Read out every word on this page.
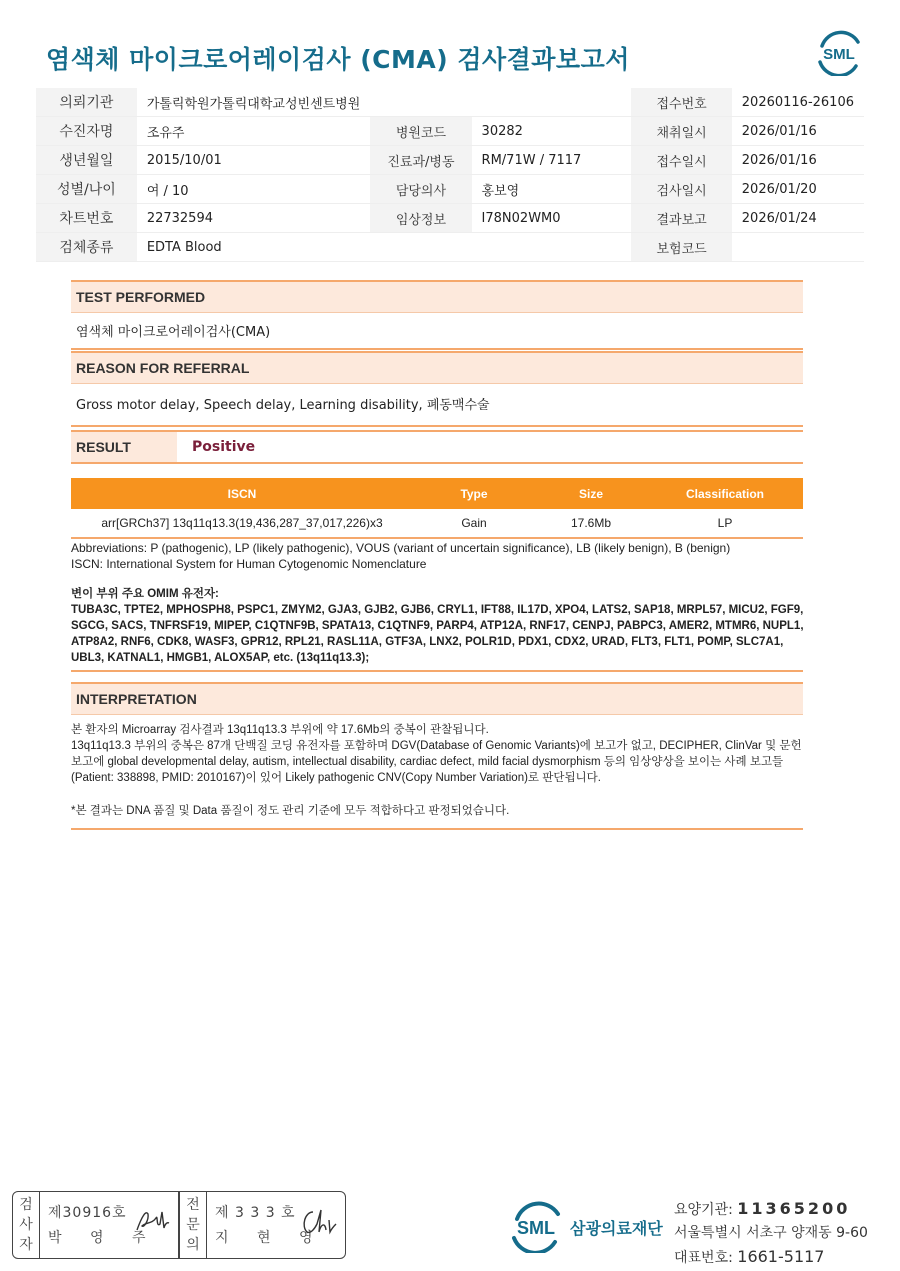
염색체 마이크로어레이검사 (CMA) 검사결과보고서	SML
의뢰기관	가톨릭학원가톨릭대학교성빈센트병원			접수번호	20260116-26106
수진자명	조유주	병원코드	30282	채취일시	2026/01/16
생년월일	2015/10/01	진료과/병동	RM/71W / 7117	접수일시	2026/01/16
성별/나이	여 / 10	담당의사	홍보영	검사일시	2026/01/20
차트번호	22732594	임상정보	I78N02WM0	결과보고	2026/01/24
검체종류	EDTA Blood			보험코드	
TEST PERFORMED
염색체 마이크로어레이검사(CMA)
REASON FOR REFERRAL
Gross motor delay, Speech delay, Learning disability, 폐동맥수술
RESULT	Positive
ISCN	Type	Size	Classification
arr[GRCh37] 13q11q13.3(19,436,287_37,017,226)x3	Gain	17.6Mb	LP
Abbreviations: P (pathogenic), LP (likely pathogenic), VOUS (variant of uncertain significance), LB (likely benign), B (benign)
ISCN: International System for Human Cytogenomic Nomenclature
변이 부위 주요 OMIM 유전자:
TUBA3C, TPTE2, MPHOSPH8, PSPC1, ZMYM2, GJA3, GJB2, GJB6, CRYL1, IFT88, IL17D, XPO4, LATS2, SAP18, MRPL57, MICU2, FGF9, SGCG, SACS, TNFRSF19, MIPEP, C1QTNF9B, SPATA13, C1QTNF9, PARP4, ATP12A, RNF17, CENPJ, PABPC3, AMER2, MTMR6, NUPL1, ATP8A2, RNF6, CDK8, WASF3, GPR12, RPL21, RASL11A, GTF3A, LNX2, POLR1D, PDX1, CDX2, URAD, FLT3, FLT1, POMP, SLC7A1, UBL3, KATNAL1, HMGB1, ALOX5AP, etc. (13q11q13.3);
INTERPRETATION
본 환자의 Microarray 검사결과 13q11q13.3 부위에 약 17.6Mb의 중복이 관찰됩니다.
13q11q13.3 부위의 중복은 87개 단백질 코딩 유전자를 포함하며 DGV(Database of Genomic Variants)에 보고가 없고, DECIPHER, ClinVar 및 문헌보고에 global developmental delay, autism, intellectual disability, cardiac defect, mild facial dysmorphism 등의 임상양상을 보이는 사례 보고들(Patient: 338898, PMID: 2010167)이 있어 Likely pathogenic CNV(Copy Number Variation)로 판단됩니다.
*본 결과는 DNA 품질 및 Data 품질이 정도 관리 기준에 모두 적합하다고 판정되었습니다.
검
사
자
제30916호
박 영 주
전
문
의
제 3 3 3 호
지 현 영	SML 삼광의료재단
요양기관: 11365200
서울특별시 서초구 양재동 9-60
대표번호: 1661-5117
